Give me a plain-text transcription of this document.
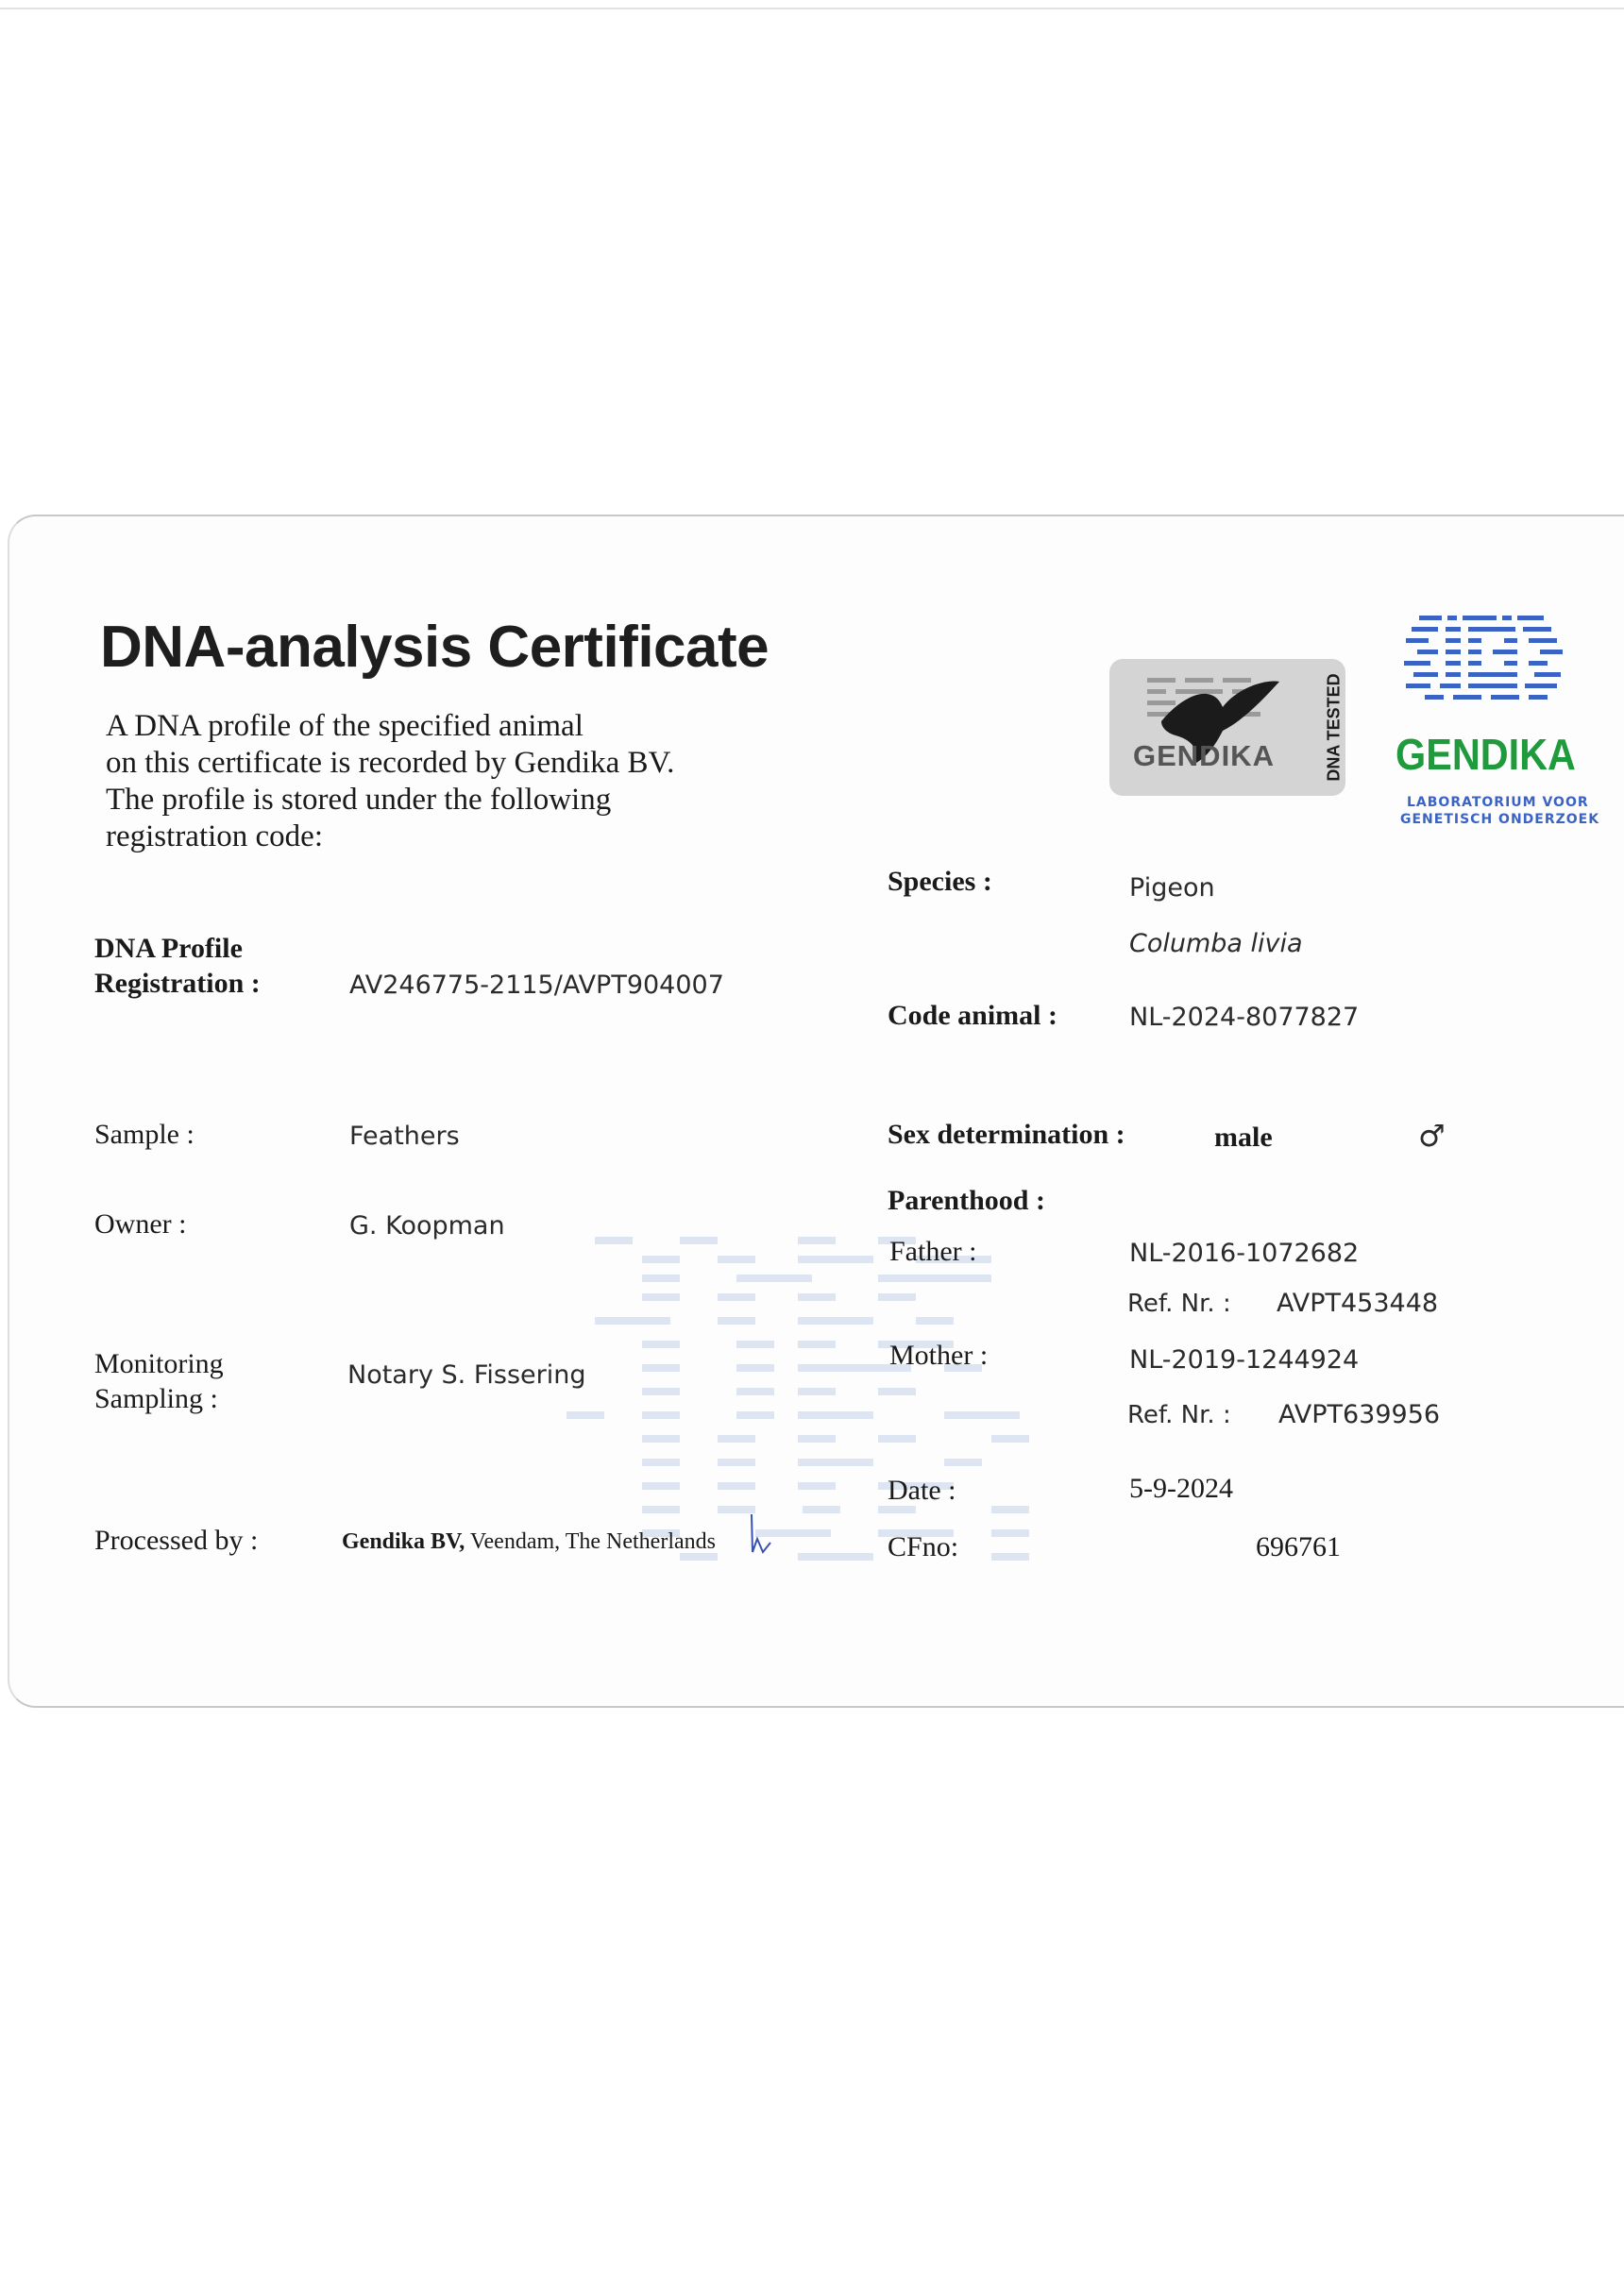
DNA-analysis Certificate
A DNA profile of the specified animal
on this certificate is recorded by Gendika BV.
The profile is stored under the following
registration code:
GENDIKA	DNA TESTED GENDIKA
LABORATORIUM VOOR
GENETISCH ONDERZOEK
DNA Profile
Registration :	AV246775-2115/AVPT904007
Sample :	Feathers
Owner :	G. Koopman
Monitoring
Sampling :
Notary S. Fissering
Processed by :	Gendika BV, Veendam, The Netherlands
Species :	Pigeon
Columba livia
Code animal :	NL-2024-8077827
Sex determination :	male	♂
Parenthood :
Father :	NL-2016-1072682
Ref. Nr. : AVPT453448
Mother :	NL-2019-1244924
Ref. Nr. : AVPT639956
Date :	5-9-2024
CFno:	696761
